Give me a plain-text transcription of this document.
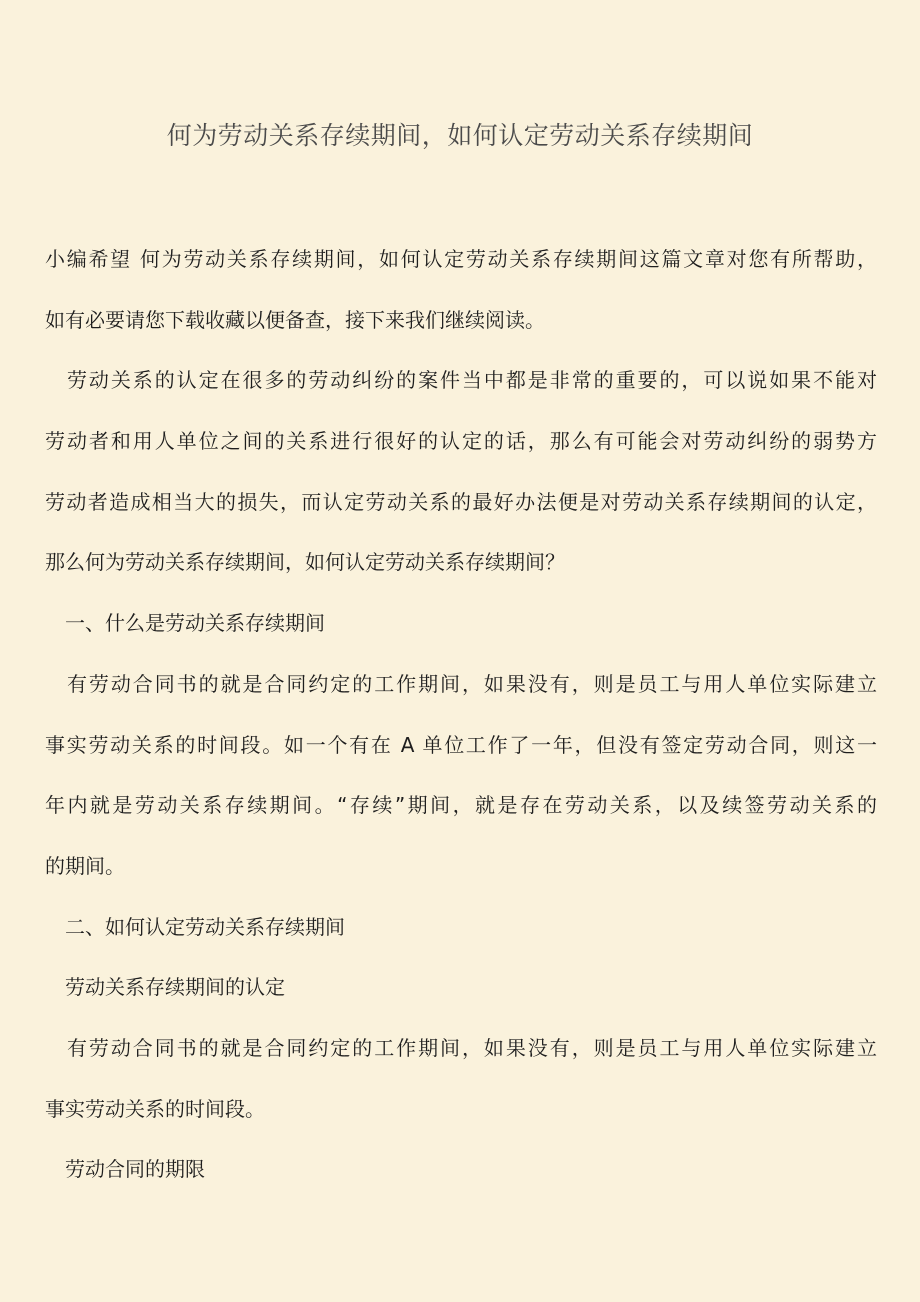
何为劳动关系存续期间，如何认定劳动关系存续期间
小编希望 何为劳动关系存续期间，如何认定劳动关系存续期间这篇文章对您有所帮助，
如有必要请您下载收藏以便备查，接下来我们继续阅读。
　劳动关系的认定在很多的劳动纠纷的案件当中都是非常的重要的，可以说如果不能对
劳动者和用人单位之间的关系进行很好的认定的话，那么有可能会对劳动纠纷的弱势方
劳动者造成相当大的损失，而认定劳动关系的最好办法便是对劳动关系存续期间的认定，
那么何为劳动关系存续期间，如何认定劳动关系存续期间？
　一、什么是劳动关系存续期间
　有劳动合同书的就是合同约定的工作期间，如果没有，则是员工与用人单位实际建立
事实劳动关系的时间段。如一个有在 A 单位工作了一年，但没有签定劳动合同，则这一
年内就是劳动关系存续期间。“存续”期间，就是存在劳动关系，以及续签劳动关系的
的期间。
　二、如何认定劳动关系存续期间
　劳动关系存续期间的认定
　有劳动合同书的就是合同约定的工作期间，如果没有，则是员工与用人单位实际建立
事实劳动关系的时间段。
　劳动合同的期限
